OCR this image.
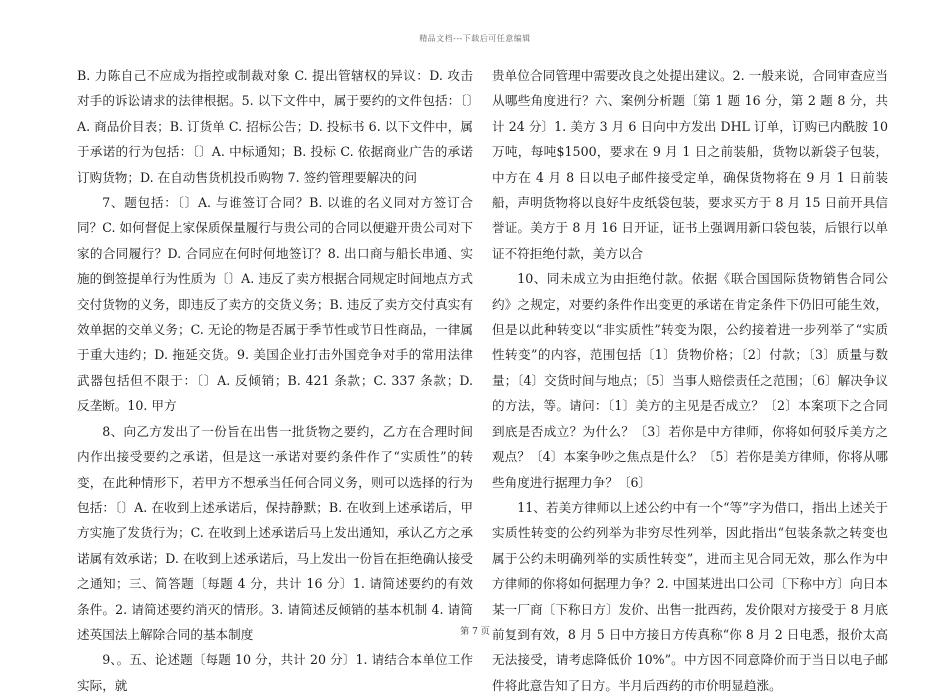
精品文档---下载后可任意编辑

B. 力陈自己不应成为指控或制裁对象 C. 提出管辖权的异议：D. 攻击对手的诉讼请求的法律根据。5. 以下文件中，属于要约的文件包括：〔〕A. 商品价目表；B. 订货单 C. 招标公告；D. 投标书 6. 以下文件中，属于承诺的行为包括：〔〕A. 中标通知；B. 投标 C. 依据商业广告的承诺订购货物；D. 在自动售货机投币购物 7. 签约管理要解决的问

7、题包括：〔〕A. 与谁签订合同？B. 以谁的名义同对方签订合同？C. 如何督促上家保质保量履行与贵公司的合同以便避开贵公司对下家的合同履行？D. 合同应在何时何地签订？8. 出口商与船长串通、实施的倒签提单行为性质为〔〕A. 违反了卖方根据合同规定时间地点方式交付货物的义务，即违反了卖方的交货义务；B. 违反了卖方交付真实有效单据的交单义务；C. 无论的物是否属于季节性或节日性商品，一律属于重大违约；D. 拖延交货。9. 美国企业打击外国竞争对手的常用法律武器包括但不限于：〔〕A. 反倾销；B. 421 条款；C. 337 条款；D. 反垄断。10. 甲方

8、向乙方发出了一份旨在出售一批货物之要约，乙方在合理时间内作出接受要约之承诺，但是这一承诺对要约条件作了“实质性”的转变，在此种情形下，若甲方不想承当任何合同义务，则可以选择的行为包括：〔〕A. 在收到上述承诺后，保持静默；B. 在收到上述承诺后，甲方实施了发货行为；C. 在收到上述承诺后马上发出通知，承认乙方之承诺属有效承诺；D. 在收到上述承诺后，马上发出一份旨在拒绝确认接受之通知；三、简答题〔每题 4 分，共计 16 分〕1. 请简述要约的有效条件。2. 请简述要约消灭的情形。3. 请简述反倾销的基本机制 4. 请简述英国法上解除合同的基本制度

9、。五、论述题〔每题 10 分，共计 20 分〕1. 请结合本单位工作实际，就

贵单位合同管理中需要改良之处提出建议。2. 一般来说，合同审查应当从哪些角度进行？六、案例分析题〔第 1 题 16 分，第 2 题 8 分，共计 24 分〕1. 美方 3 月 6 日向中方发出 DHL 订单，订购已内酰胺 10 万吨，每吨$1500，要求在 9 月 1 日之前装船，货物以新袋子包装，中方在 4 月 8 日以电子邮件接受定单，确保货物将在 9 月 1 日前装船，声明货物将以良好牛皮纸袋包装，要求买方于 8 月 15 日前开具信誉证。美方于 8 月 16 日开证，证书上强调用新口袋包装，后银行以单证不符拒绝付款，美方以合

10、同未成立为由拒绝付款。依据《联合国国际货物销售合同公约》之规定，对要约条件作出变更的承诺在肯定条件下仍旧可能生效，但是以此种转变以“非实质性”转变为限，公约接着进一步列举了“实质性转变”的内容，范围包括〔1〕货物价格；〔2〕付款；〔3〕质量与数量；〔4〕交货时间与地点；〔5〕当事人赔偿责任之范围；〔6〕解决争议的方法，等。请问：〔1〕美方的主见是否成立？〔2〕本案项下之合同到底是否成立？为什么？〔3〕若你是中方律师，你将如何驳斥美方之观点？〔4〕本案争吵之焦点是什么？〔5〕若你是美方律师，你将从哪些角度进行据理力争？〔6〕

11、若美方律师以上述公约中有一个“等”字为借口，指出上述关于实质性转变的公约列举为非穷尽性列举，因此指出“包装条款之转变也属于公约未明确列举的实质性转变”，进而主见合同无效，那么作为中方律师的你将如何据理力争？2. 中国某进出口公司〔下称中方〕向日本某一厂商〔下称日方〕发价、出售一批西药，发价限对方接受于 8 月底前复到有效，8 月 5 日中方接日方传真称“你 8 月 2 日电悉，报价太高无法接受，请考虑降低价 10%”。中方因不同意降价而于当日以电子邮件将此意告知了日方。半月后西药的市价明显趋涨。

第 7 页
